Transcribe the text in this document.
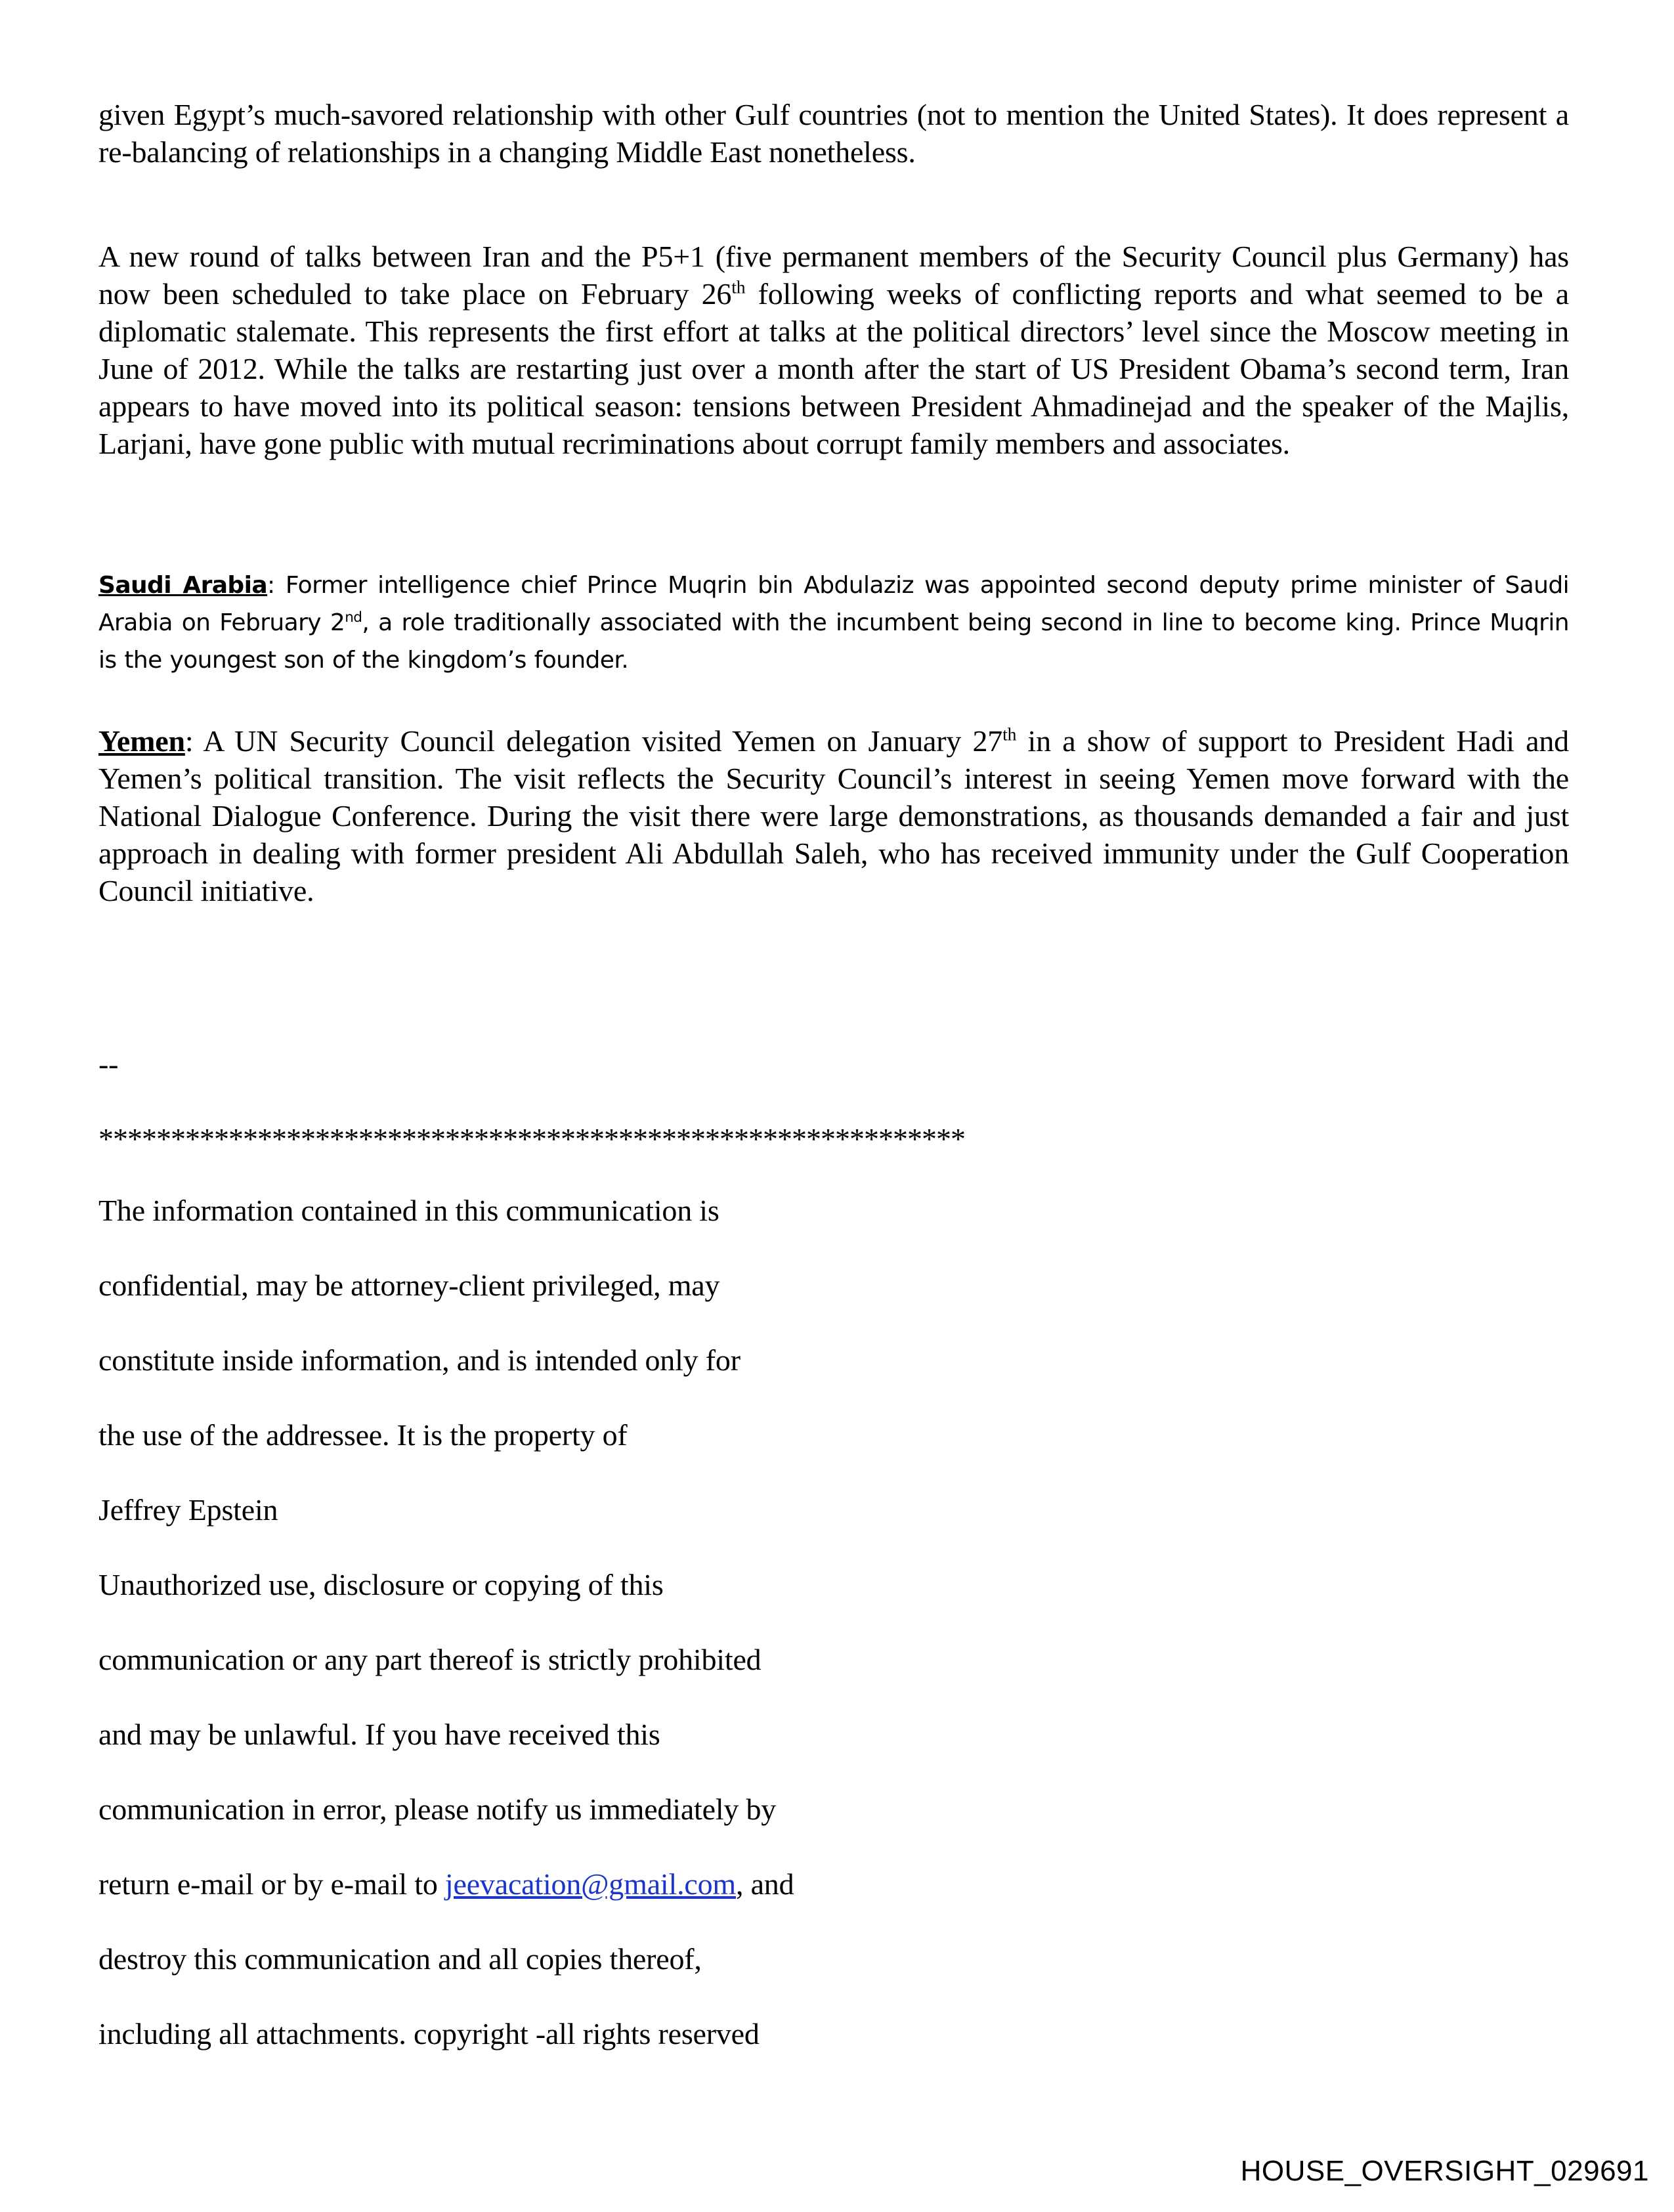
given Egypt’s much-savored relationship with other Gulf countries (not to mention the United States). It does represent a re-balancing of relationships in a changing Middle East nonetheless.

A new round of talks between Iran and the P5+1 (five permanent members of the Security Council plus Germany) has now been scheduled to take place on February 26th following weeks of conflicting reports and what seemed to be a diplomatic stalemate. This represents the first effort at talks at the political directors’ level since the Moscow meeting in June of 2012. While the talks are restarting just over a month after the start of US President Obama’s second term, Iran appears to have moved into its political season: tensions between President Ahmadinejad and the speaker of the Majlis, Larjani, have gone public with mutual recriminations about corrupt family members and associates.

Saudi Arabia: Former intelligence chief Prince Muqrin bin Abdulaziz was appointed second deputy prime minister of Saudi Arabia on February 2nd, a role traditionally associated with the incumbent being second in line to become king. Prince Muqrin is the youngest son of the kingdom’s founder.

Yemen: A UN Security Council delegation visited Yemen on January 27th in a show of support to President Hadi and Yemen’s political transition. The visit reflects the Security Council’s interest in seeing Yemen move forward with the National Dialogue Conference. During the visit there were large demonstrations, as thousands demanded a fair and just approach in dealing with former president Ali Abdullah Saleh, who has received immunity under the Gulf Cooperation Council initiative.

--

************************************************************

The information contained in this communication is

confidential, may be attorney-client privileged, may

constitute inside information, and is intended only for

the use of the addressee. It is the property of

Jeffrey Epstein

Unauthorized use, disclosure or copying of this

communication or any part thereof is strictly prohibited

and may be unlawful. If you have received this

communication in error, please notify us immediately by

return e-mail or by e-mail to jeevacation@gmail.com, and

destroy this communication and all copies thereof,

including all attachments. copyright -all rights reserved

HOUSE_OVERSIGHT_029691
